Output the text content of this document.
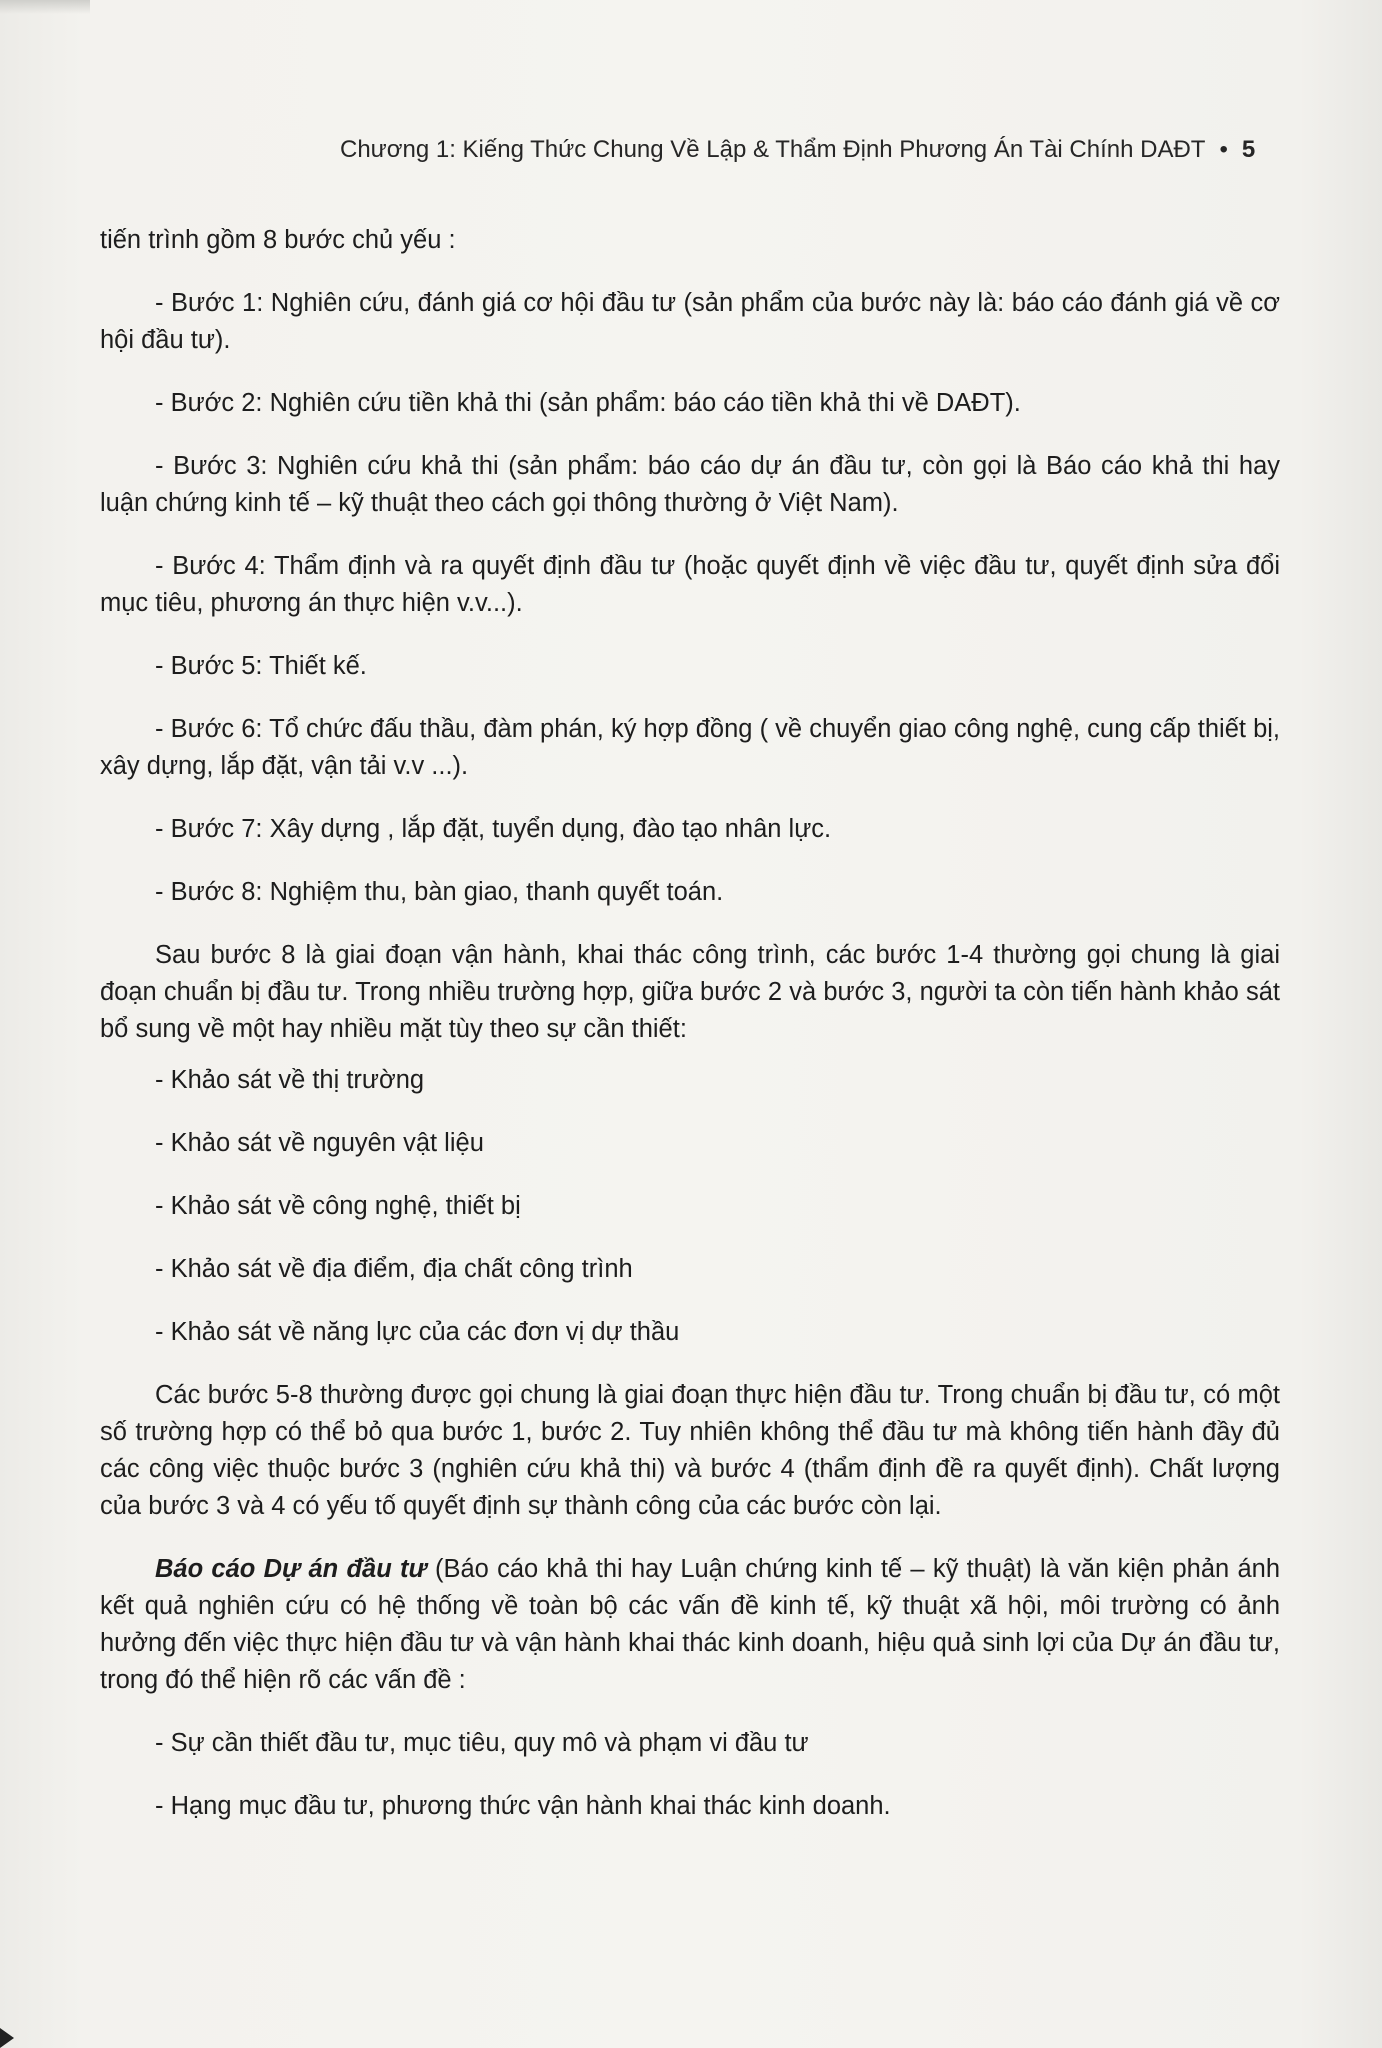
Chương 1: Kiếng Thức Chung Về Lập & Thẩm Định Phương Án Tài Chính DAĐT • 5

tiến trình gồm 8 bước chủ yếu :

- Bước 1: Nghiên cứu, đánh giá cơ hội đầu tư (sản phẩm của bước này là: báo cáo đánh giá về cơ hội đầu tư).

- Bước 2: Nghiên cứu tiền khả thi (sản phẩm: báo cáo tiền khả thi về DAĐT).

- Bước 3: Nghiên cứu khả thi (sản phẩm: báo cáo dự án đầu tư, còn gọi là Báo cáo khả thi hay luận chứng kinh tế – kỹ thuật theo cách gọi thông thường ở Việt Nam).

- Bước 4: Thẩm định và ra quyết định đầu tư (hoặc quyết định về việc đầu tư, quyết định sửa đổi mục tiêu, phương án thực hiện v.v...).

- Bước 5: Thiết kế.

- Bước 6: Tổ chức đấu thầu, đàm phán, ký hợp đồng ( về chuyển giao công nghệ, cung cấp thiết bị, xây dựng, lắp đặt, vận tải v.v ...).

- Bước 7: Xây dựng , lắp đặt, tuyển dụng, đào tạo nhân lực.

- Bước 8: Nghiệm thu, bàn giao, thanh quyết toán.

Sau bước 8 là giai đoạn vận hành, khai thác công trình, các bước 1-4 thường gọi chung là giai đoạn chuẩn bị đầu tư. Trong nhiều trường hợp, giữa bước 2 và bước 3, người ta còn tiến hành khảo sát bổ sung về một hay nhiều mặt tùy theo sự cần thiết:

- Khảo sát về thị trường

- Khảo sát về nguyên vật liệu

- Khảo sát về công nghệ, thiết bị

- Khảo sát về địa điểm, địa chất công trình

- Khảo sát về năng lực của các đơn vị dự thầu

Các bước 5-8 thường được gọi chung là giai đoạn thực hiện đầu tư. Trong chuẩn bị đầu tư, có một số trường hợp có thể bỏ qua bước 1, bước 2. Tuy nhiên không thể đầu tư mà không tiến hành đầy đủ các công việc thuộc bước 3 (nghiên cứu khả thi) và bước 4 (thẩm định đề ra quyết định). Chất lượng của bước 3 và 4 có yếu tố quyết định sự thành công của các bước còn lại.

Báo cáo Dự án đầu tư (Báo cáo khả thi hay Luận chứng kinh tế – kỹ thuật) là văn kiện phản ánh kết quả nghiên cứu có hệ thống về toàn bộ các vấn đề kinh tế, kỹ thuật xã hội, môi trường có ảnh hưởng đến việc thực hiện đầu tư và vận hành khai thác kinh doanh, hiệu quả sinh lợi của Dự án đầu tư, trong đó thể hiện rõ các vấn đề :

- Sự cần thiết đầu tư, mục tiêu, quy mô và phạm vi đầu tư

- Hạng mục đầu tư, phương thức vận hành khai thác kinh doanh.
